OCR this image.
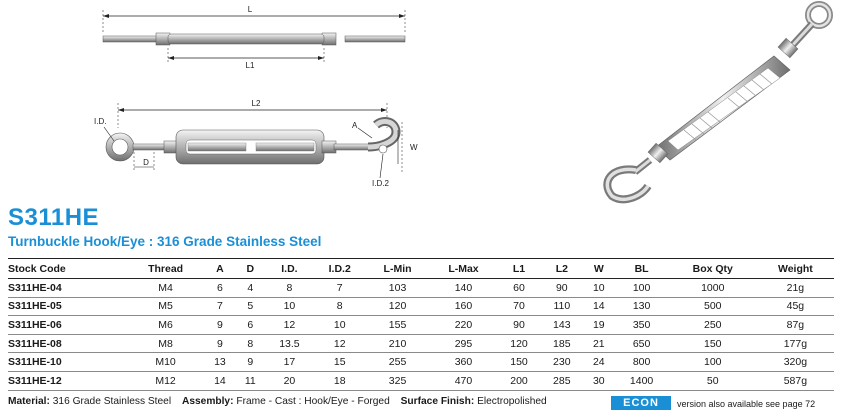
L
L1
L2
I.D.
D
W
A
I.D.2
S311HE
Turnbuckle Hook/Eye : 316 Grade Stainless Steel
Stock Code	Thread	A	D	I.D.	I.D.2	L-Min	L-Max	L1	L2	W	BL	Box Qty	Weight
S311HE-04	M4	6	4	8	7	103	140	60	90	10	100	1000	21g
S311HE-05	M5	7	5	10	8	120	160	70	110	14	130	500	45g
S311HE-06	M6	9	6	12	10	155	220	90	143	19	350	250	87g
S311HE-08	M8	9	8	13.5	12	210	295	120	185	21	650	150	177g
S311HE-10	M10	13	9	17	15	255	360	150	230	24	800	100	320g
S311HE-12	M12	14	11	20	18	325	470	200	285	30	1400	50	587g
Material: 316 Grade Stainless Steel Assembly: Frame - Cast : Hook/Eye - Forged Surface Finish: Electropolished	ECON	version also available see page 72
